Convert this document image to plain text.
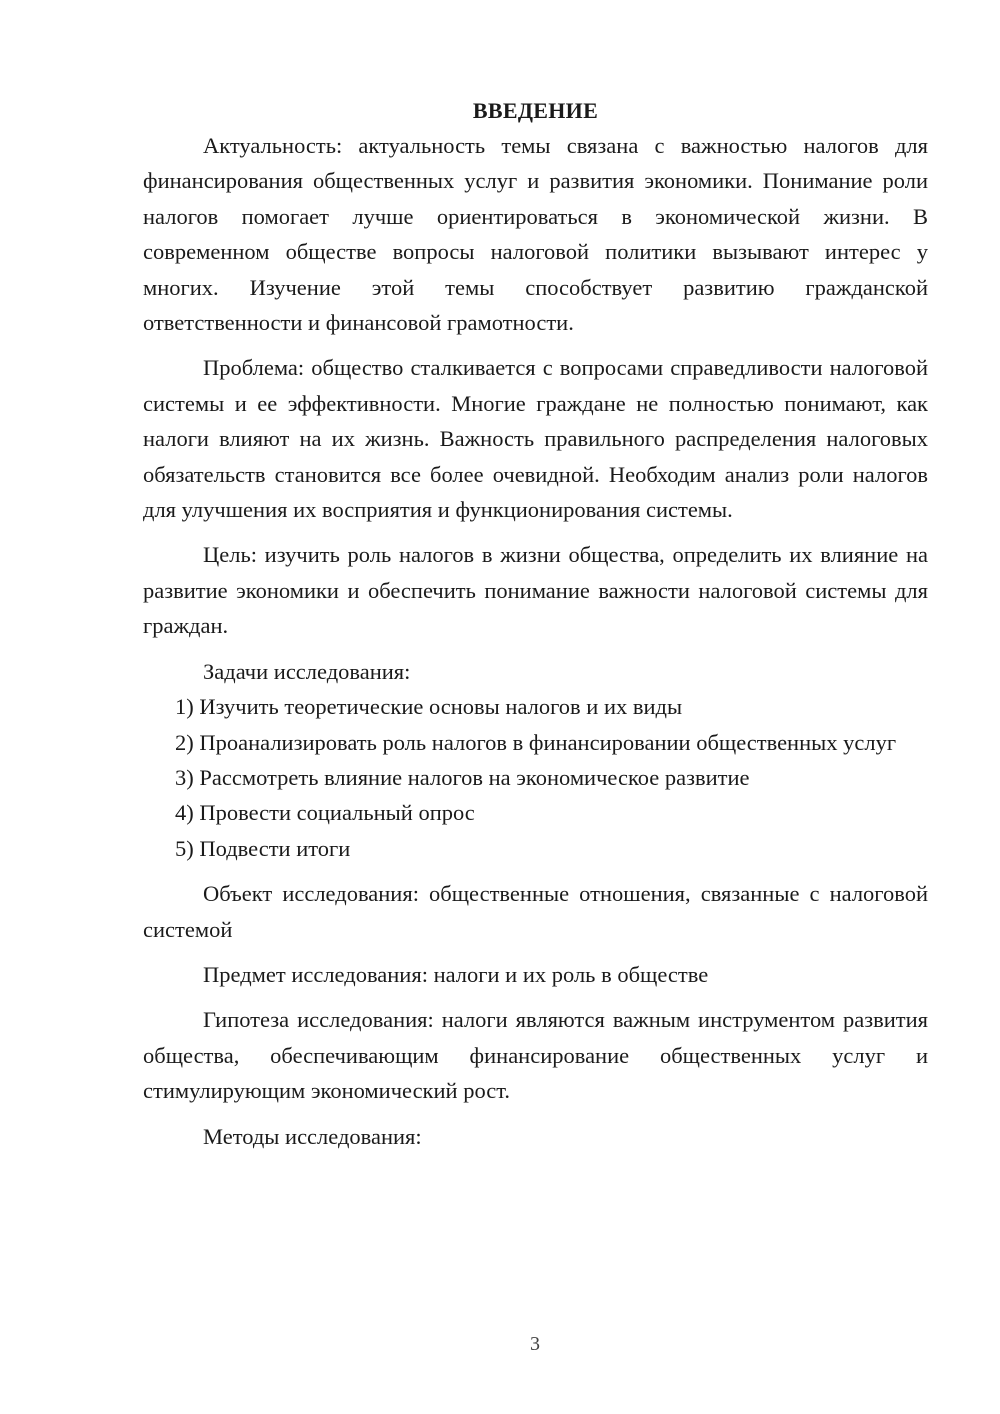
ВВЕДЕНИЕ

Актуальность: актуальность темы связана с важностью налогов для финансирования общественных услуг и развития экономики. Понимание роли налогов помогает лучше ориентироваться в экономической жизни. В современном обществе вопросы налоговой политики вызывают интерес у многих. Изучение этой темы способствует развитию гражданской ответственности и финансовой грамотности.

Проблема: общество сталкивается с вопросами справедливости налоговой системы и ее эффективности. Многие граждане не полностью понимают, как налоги влияют на их жизнь. Важность правильного распределения налоговых обязательств становится все более очевидной. Необходим анализ роли налогов для улучшения их восприятия и функционирования системы.

Цель: изучить роль налогов в жизни общества, определить их влияние на развитие экономики и обеспечить понимание важности налоговой системы для граждан.

Задачи исследования:

1) Изучить теоретические основы налогов и их виды

2) Проанализировать роль налогов в финансировании общественных услуг

3) Рассмотреть влияние налогов на экономическое развитие

4) Провести социальный опрос

5) Подвести итоги

Объект исследования: общественные отношения, связанные с налоговой системой

Предмет исследования: налоги и их роль в обществе

Гипотеза исследования: налоги являются важным инструментом развития общества, обеспечивающим финансирование общественных услуг и стимулирующим экономический рост.

Методы исследования:

3
